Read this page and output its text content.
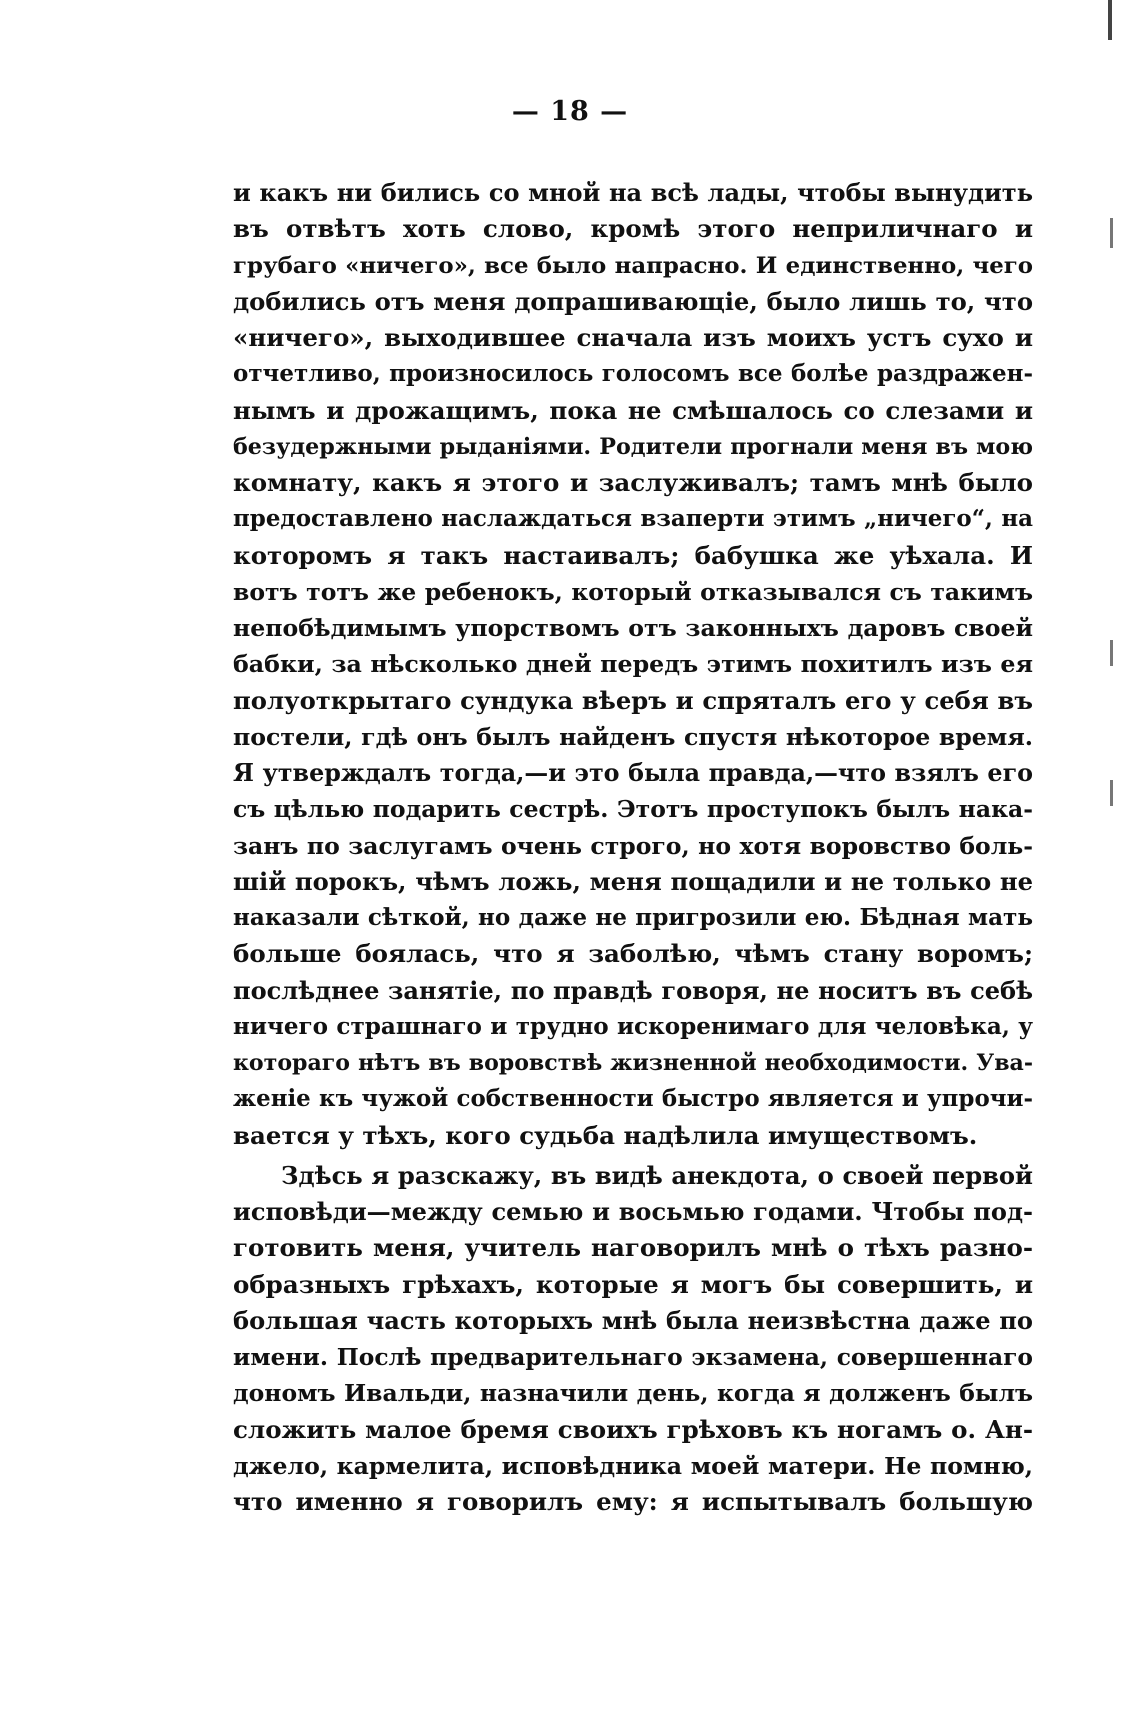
— 18 —
и какъ ни бились со мной на всѣ лады, чтобы вынудить
въ отвѣтъ хоть слово, кромѣ этого неприличнаго и
грубаго «ничего», все было напрасно. И единственно, чего
добились отъ меня допрашивающіе, было лишь то, что
«ничего», выходившее сначала изъ моихъ устъ сухо и
отчетливо, произносилось голосомъ все болѣе раздражен-
нымъ и дрожащимъ, пока не смѣшалось со слезами и
безудержными рыданіями. Родители прогнали меня въ мою
комнату, какъ я этого и заслуживалъ; тамъ мнѣ было
предоставлено наслаждаться взаперти этимъ „ничего“, на
которомъ я такъ настаивалъ; бабушка же уѣхала. И
вотъ тотъ же ребенокъ, который отказывался съ такимъ
непобѣдимымъ упорствомъ отъ законныхъ даровъ своей
бабки, за нѣсколько дней передъ этимъ похитилъ изъ ея
полуоткрытаго сундука вѣеръ и спряталъ его у себя въ
постели, гдѣ онъ былъ найденъ спустя нѣкоторое время.
Я утверждалъ тогда,—и это была правда,—что взялъ его
съ цѣлью подарить сестрѣ. Этотъ проступокъ былъ нака-
занъ по заслугамъ очень строго, но хотя воровство боль-
шій порокъ, чѣмъ ложь, меня пощадили и не только не
наказали сѣткой, но даже не пригрозили ею. Бѣдная мать
больше боялась, что я заболѣю, чѣмъ стану воромъ;
послѣднее занятіе, по правдѣ говоря, не носитъ въ себѣ
ничего страшнаго и трудно искоренимаго для человѣка, у
котораго нѣтъ въ воровствѣ жизненной необходимости. Ува-
женіе къ чужой собственности быстро является и упрочи-
вается у тѣхъ, кого судьба надѣлила имуществомъ.
Здѣсь я разскажу, въ видѣ анекдота, о своей первой
исповѣди—между семью и восьмью годами. Чтобы под-
готовить меня, учитель наговорилъ мнѣ о тѣхъ разно-
образныхъ грѣхахъ, которые я могъ бы совершить, и
большая часть которыхъ мнѣ была неизвѣстна даже по
имени. Послѣ предварительнаго экзамена, совершеннаго
дономъ Ивальди, назначили день, когда я долженъ былъ
сложить малое бремя своихъ грѣховъ къ ногамъ о. Ан-
джело, кармелита, исповѣдника моей матери. Не помню,
что именно я говорилъ ему: я испытывалъ большую
